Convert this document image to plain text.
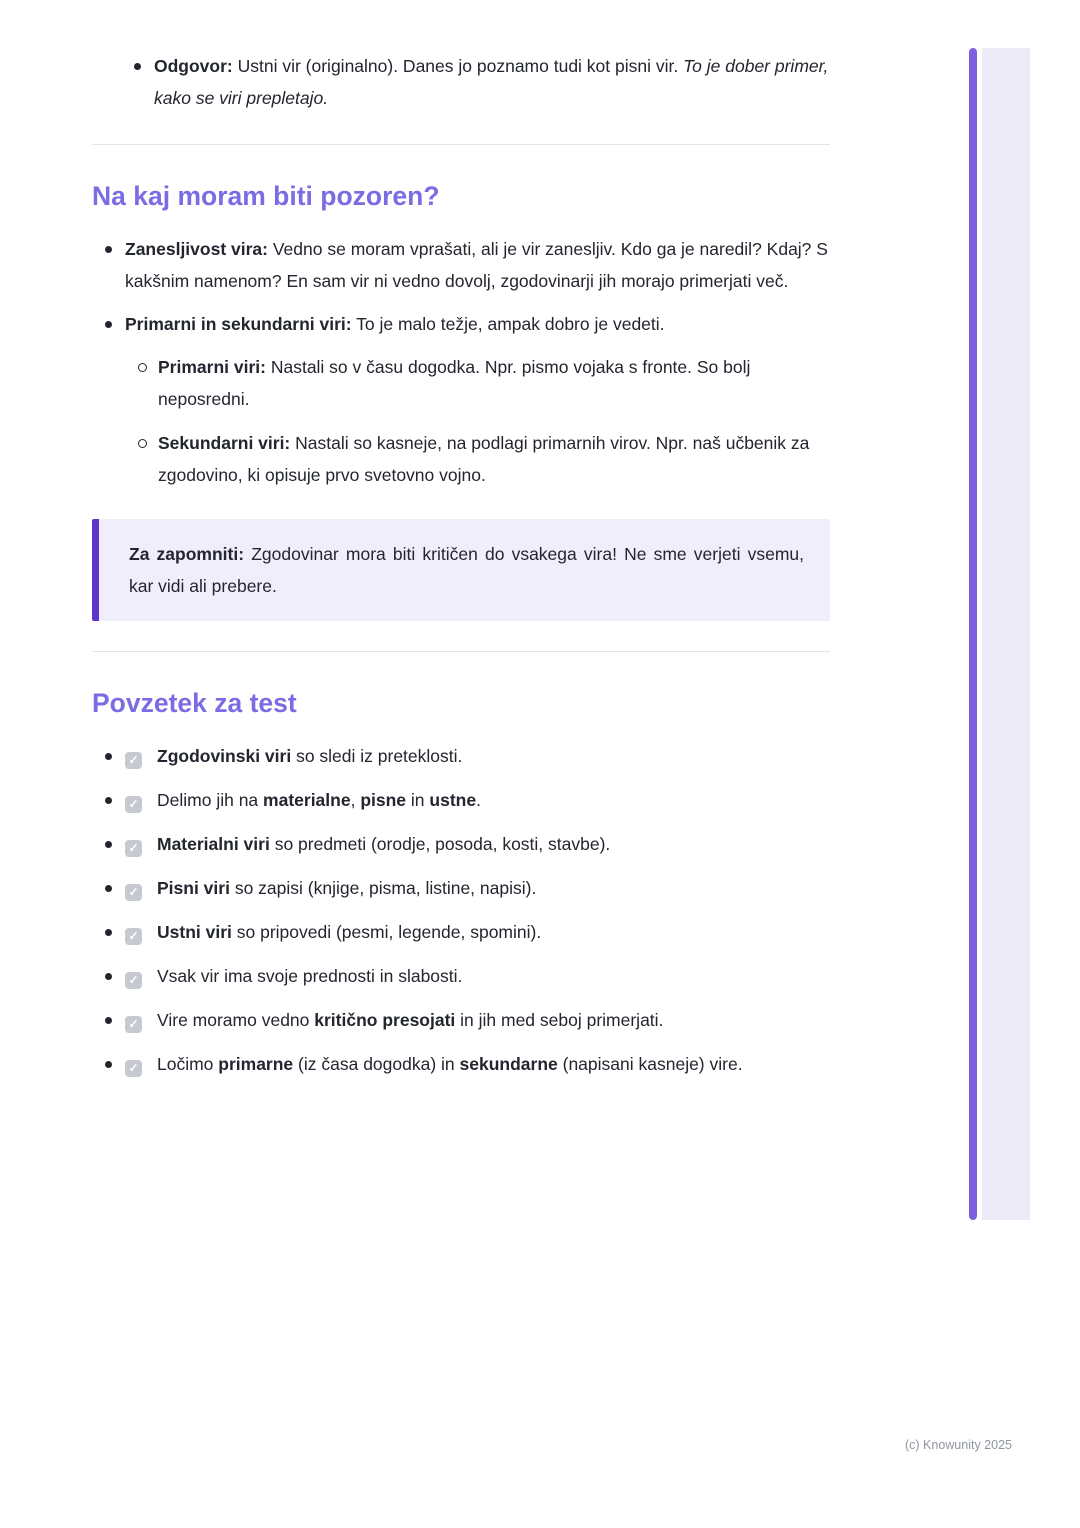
Odgovor: Ustni vir (originalno). Danes jo poznamo tudi kot pisni vir. To je dober primer, kako se viri prepletajo.
Na kaj moram biti pozoren?
Zanesljivost vira: Vedno se moram vprašati, ali je vir zanesljiv. Kdo ga je naredil? Kdaj? S kakšnim namenom? En sam vir ni vedno dovolj, zgodovinarji jih morajo primerjati več.
Primarni in sekundarni viri: To je malo težje, ampak dobro je vedeti.
Primarni viri: Nastali so v času dogodka. Npr. pismo vojaka s fronte. So bolj neposredni.
Sekundarni viri: Nastali so kasneje, na podlagi primarnih virov. Npr. naš učbenik za zgodovino, ki opisuje prvo svetovno vojno.

Za zapomniti: Zgodovinar mora biti kritičen do vsakega vira! Ne sme verjeti vsemu, kar vidi ali prebere.

Povzetek za test
✓ Zgodovinski viri so sledi iz preteklosti.
✓ Delimo jih na materialne, pisne in ustne.
✓ Materialni viri so predmeti (orodje, posoda, kosti, stavbe).
✓ Pisni viri so zapisi (knjige, pisma, listine, napisi).
✓ Ustni viri so pripovedi (pesmi, legende, spomini).
✓ Vsak vir ima svoje prednosti in slabosti.
✓ Vire moramo vedno kritično presojati in jih med seboj primerjati.
✓ Ločimo primarne (iz časa dogodka) in sekundarne (napisani kasneje) vire.
(c) Knowunity 2025
